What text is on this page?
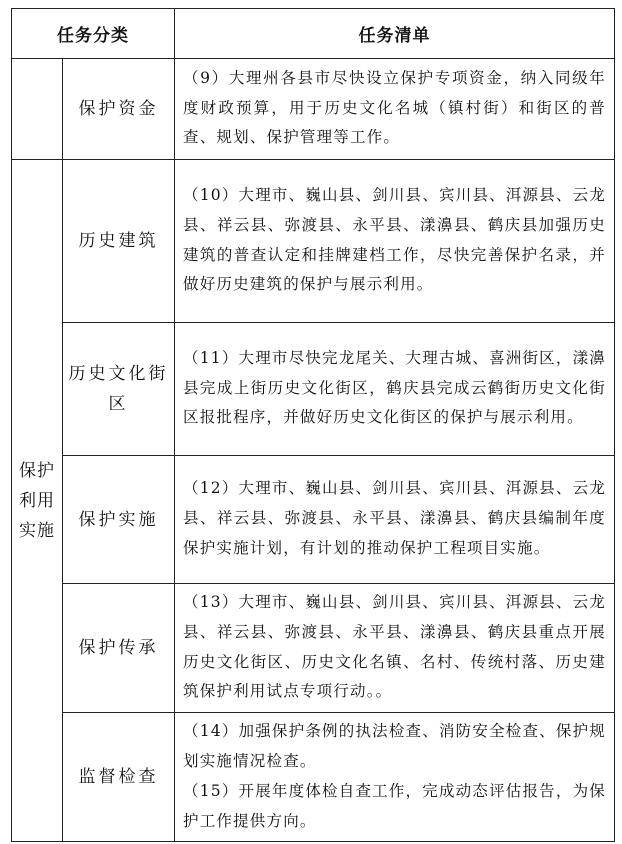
任务分类		任务清单
	保护资金	（9）大理州各县市尽快设立保护专项资金，纳入同级年度财政预算，用于历史文化名城（镇村街）和街区的普查、规划、保护管理等工作。

保护利用实施	历史建筑	（10）大理市、巍山县、剑川县、宾川县、洱源县、云龙县、祥云县、弥渡县、永平县、漾濞县、鹤庆县加强历史建筑的普查认定和挂牌建档工作，尽快完善保护名录，并做好历史建筑的保护与展示利用。

	历史文化街区	（11）大理市尽快完龙尾关、大理古城、喜洲街区，漾濞县完成上街历史文化街区，鹤庆县完成云鹤街历史文化街区报批程序，并做好历史文化街区的保护与展示利用。

	保护实施	（12）大理市、巍山县、剑川县、宾川县、洱源县、云龙县、祥云县、弥渡县、永平县、漾濞县、鹤庆县编制年度保护实施计划，有计划的推动保护工程项目实施。

	保护传承	（13）大理市、巍山县、剑川县、宾川县、洱源县、云龙县、祥云县、弥渡县、永平县、漾濞县、鹤庆县重点开展历史文化街区、历史文化名镇、名村、传统村落、历史建筑保护利用试点专项行动。。

	监督检查	（14）加强保护条例的执法检查、消防安全检查、保护规划实施情况检查。
（15）开展年度体检自查工作，完成动态评估报告，为保护工作提供方向。
